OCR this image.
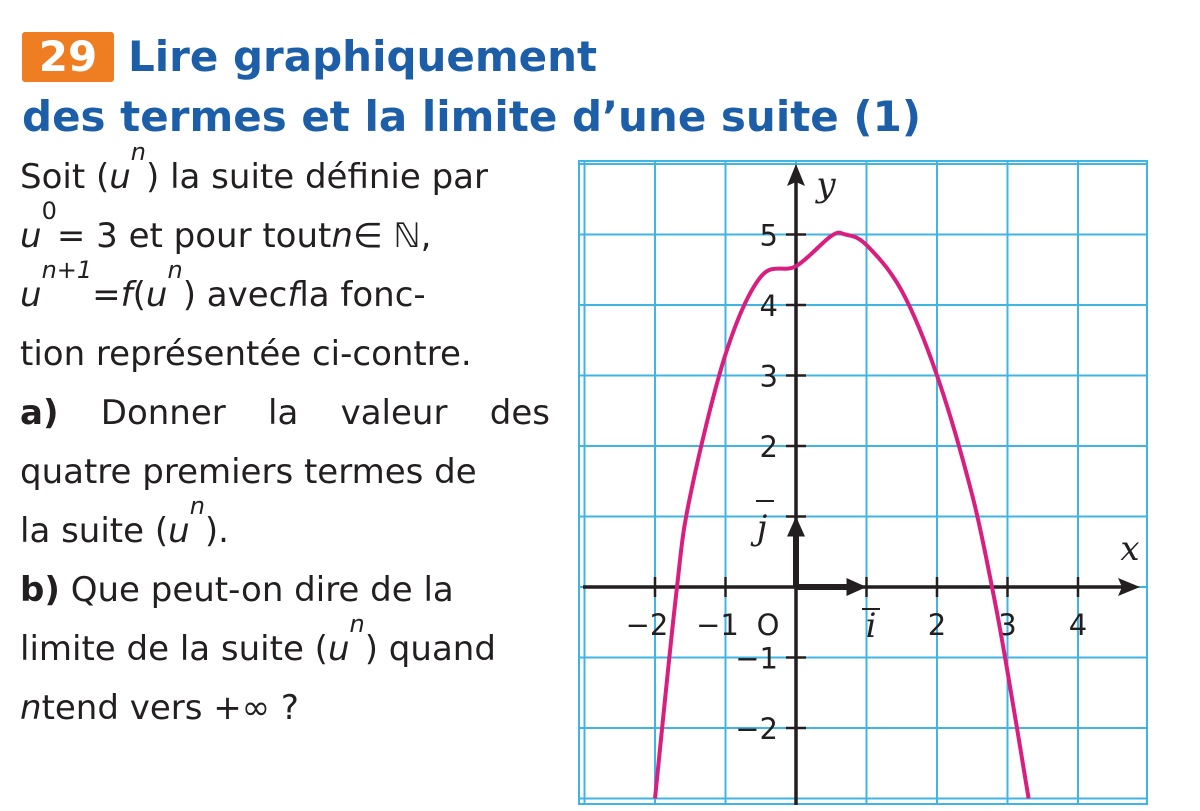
29 Lire graphiquement
des termes et la limite d’une suite (1)
Soit ( u
$_n$
) la suite définie par
u
$_0$
= 3 et pour tout n ∈ ℕ,
u
$_{n+1}$
= f ( u
$_n$
) avec f la fonc-
tion représentée ci-contre.
a) Donner la valeur des
quatre premiers termes de
la suite ( u
$_n$
).
b)
Que peut-on dire de la
limite de la suite ( u
$_n$
) quand
n tend vers +∞ ?
−2 −1	2 3 4
5
4
3
2
−1
−2
O
x
y
i
j
